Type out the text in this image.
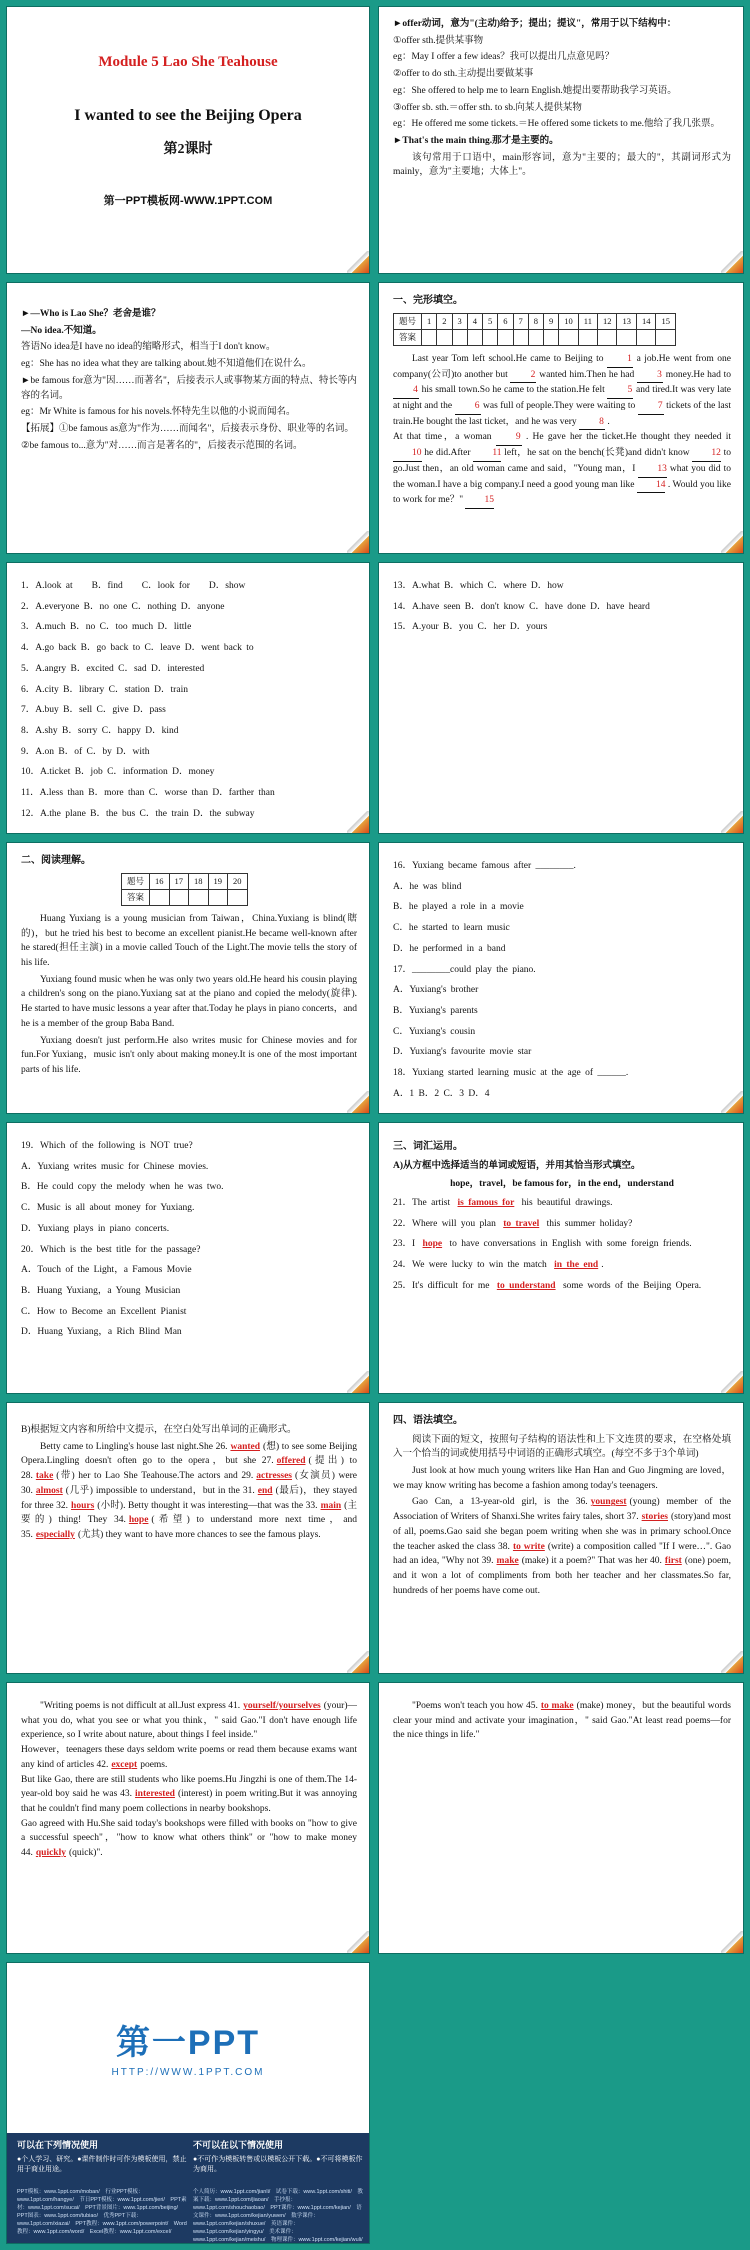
Module 5 Lao She Teahouse
I wanted to see the Beijing Opera
第2课时
第一PPT模板网-WWW.1PPT.COM
►offer动词，意为"(主动)给予；提出；提议"，常用于以下结构中：
①offer sth.提供某事物
eg：May I offer a few ideas？我可以提出几点意见吗？
②offer to do sth.主动提出要做某事
eg：She offered to help me to learn English.她提出要帮助我学习英语。
③offer sb. sth.＝offer sth. to sb.向某人提供某物
eg：He offered me some tickets.＝He offered some tickets to me.他给了我几张票。
►That's the main thing.那才是主要的。
该句常用于口语中，main形容词，意为"主要的；最大的"，其副词形式为mainly，意为"主要地；大体上"。
►—Who is Lao She？老舍是谁？
—No idea.不知道。
答语No idea是I have no idea的缩略形式，相当于I don't know。
eg：She has no idea what they are talking about.她不知道他们在说什么。
►be famous for意为"因……而著名"，后接表示人或事物某方面的特点、特长等内容的名词。
eg：Mr White is famous for his novels.怀特先生以他的小说而闻名。
【拓展】①be famous as意为"作为……而闻名"，后接表示身份、职业等的名词。
②be famous to...意为"对……而言是著名的"，后接表示范围的名词。
一、完形填空。
题号	1	2	3	4	5	6	7	8	9	10	11	12	13	14	15
答案															
Last year Tom left school.He came to Beijing to 1 a job.He went from one company(公司)to another but 2 wanted him.Then he had 3 money.He had to 4 his small town.So he came to the station.He felt 5 and tired.It was very late at night and the 6 was full of people.They were waiting to 7 tickets of the last train.He bought the last ticket，and he was very 8 .
At that time，a woman	9 . He gave her the ticket.He thought they needed it 10 he did.After 11 left，he sat on the bench(长凳)and didn't know 12 to go.Just then，an old woman came and said，"Young man，I 13 what you did to the woman.I have a big company.I need a good young man like 14 . Would you like to work for me？" 15
1．A.look at　　B．find　　C．look for　　D．show
2．A.everyone B．no one C．nothing D．anyone
3．A.much B．no C．too much D．little
4．A.go back B．go back to C．leave D．went back to
5．A.angry B．excited C．sad D．interested
6．A.city B．library C．station D．train
7．A.buy B．sell C．give D．pass
8．A.shy B．sorry C．happy D．kind
9．A.on B．of C．by D．with
10．A.ticket B．job C．information D．money
11．A.less than B．more than C．worse than D．farther than
12．A.the plane B．the bus C．the train D．the subway
13．A.what B．which C．where D．how
14．A.have seen B．don't know C．have done D．have heard
15．A.your B．you C．her D．yours
二、阅读理解。
题号	16	17	18	19	20
答案					
Huang Yuxiang is a young musician from Taiwan，China.Yuxiang is blind(瞎的)，but he tried his best to become an excellent pianist.He became well-known after he stared(担任主演) in a movie called Touch of the Light.The movie tells the story of his life.
Yuxiang found music when he was only two years old.He heard his cousin playing a children's song on the piano.Yuxiang sat at the piano and copied the melody(旋律). He started to have music lessons a year after that.Today he plays in piano concerts，and he is a member of the group Baba Band.
Yuxiang doesn't just perform.He also writes music for Chinese movies and for fun.For Yuxiang，music isn't only about making money.It is one of the most important parts of his life.
16．Yuxiang became famous after ________.
A．he was blind
B．he played a role in a movie
C．he started to learn music
D．he performed in a band
17．________could play the piano.
A．Yuxiang's brother
B．Yuxiang's parents
C．Yuxiang's cousin
D．Yuxiang's favourite movie star
18．Yuxiang started learning music at the age of ______.
A．1 B．2 C．3 D．4
19．Which of the following is NOT true?
A．Yuxiang writes music for Chinese movies.
B．He could copy the melody when he was two.
C．Music is all about money for Yuxiang.
D．Yuxiang plays in piano concerts.
20．Which is the best title for the passage?
A．Touch of the Light，a Famous Movie
B．Huang Yuxiang，a Young Musician
C．How to Become an Excellent Pianist
D．Huang Yuxiang，a Rich Blind Man
三、词汇运用。
A)从方框中选择适当的单词或短语，并用其恰当形式填空。
hope，travel，be famous for，in the end，understand
21．The artist is famous for his beautiful drawings.
22．Where will you plan to travel this summer holiday?
23．I hope to have conversations in English with some foreign friends.
24．We were lucky to win the match in the end .
25．It's difficult for me to understand some words of the Beijing Opera.
B)根据短文内容和所给中文提示，在空白处写出单词的正确形式。
Betty came to Lingling's house last night.She 26. wanted (想) to see some Beijing Opera.Lingling doesn't often go to the opera，but she 27. offered (提出) to 28. take (带) her to Lao She Teahouse.The actors and 29. actresses (女演员) were 30. almost (几乎) impossible to understand，but in the 31. end (最后)，they stayed for three 32. hours (小时). Betty thought it was interesting—that was the 33. main (主要的) thing! They 34. hope (希望) to understand more next time，and 35. especially (尤其) they want to have more chances to see the famous plays.
四、语法填空。
阅读下面的短文，按照句子结构的语法性和上下文连贯的要求，在空格处填入一个恰当的词或使用括号中词语的正确形式填空。(每空不多于3个单词)
Just look at how much young writers like Han Han and Guo Jingming are loved，we may know writing has become a fashion among today's teenagers.
Gao Can, a 13-year-old girl, is the 36. youngest (young) member of the Association of Writers of Shanxi.She writes fairy tales, short 37. stories (story)and most of all, poems.Gao said she began poem writing when she was in primary school.Once the teacher asked the class 38. to write (write) a composition called "If I were…". Gao had an idea, "Why not 39. make (make) it a poem?" That was her 40. first (one) poem, and it won a lot of compliments from both her teacher and her classmates.So far, hundreds of her poems have come out.
"Writing poems is not difficult at all.Just express 41. yourself/yourselves (your)—what you do, what you see or what you think，" said Gao."I don't have enough life experience, so I write about nature, about things I feel inside."
However，teenagers these days seldom write poems or read them because exams want any kind of articles 42. except poems.
But like Gao, there are still students who like poems.Hu Jingzhi is one of them.The 14-year-old boy said he was 43. interested (interest) in poem writing.But it was annoying that he couldn't find many poem collections in nearby bookshops.
Gao agreed with Hu.She said today's bookshops were filled with books on "how to give a successful speech"，"how to know what others think" or "how to make money 44. quickly (quick)".
"Poems won't teach you how 45. to make (make) money，but the beautiful words clear your mind and activate your imagination，" said Gao."At least read poems—for the nice things in life."
第一PPT
HTTP://WWW.1PPT.COM
可以在下列情况使用
●个人学习、研究。●课件制作时可作为模板使用，禁止用于商业用途。
不可以在以下情况使用
●不可作为模板转售或以模板公开下载。●不可将模板作为商用。
PPT模板：www.1ppt.com/moban/　行业PPT模板：www.1ppt.com/hangye/　节日PPT模板：www.1ppt.com/jieri/　PPT素材：www.1ppt.com/sucai/　PPT背景图片：www.1ppt.com/beijing/　PPT图表：www.1ppt.com/tubiao/　优秀PPT下载：www.1ppt.com/xiazai/　PPT教程：www.1ppt.com/powerpoint/　Word教程：www.1ppt.com/word/　Excel教程：www.1ppt.com/excel/
个人简历：www.1ppt.com/jianli/　试卷下载：www.1ppt.com/shiti/　教案下载：www.1ppt.com/jiaoan/　手抄报：www.1ppt.com/shouchaobao/　PPT课件：www.1ppt.com/kejian/　语文课件：www.1ppt.com/kejian/yuwen/　数学课件：www.1ppt.com/kejian/shuxue/　英语课件：www.1ppt.com/kejian/yingyu/　美术课件：www.1ppt.com/kejian/meishu/　物理课件：www.1ppt.com/kejian/wuli/
